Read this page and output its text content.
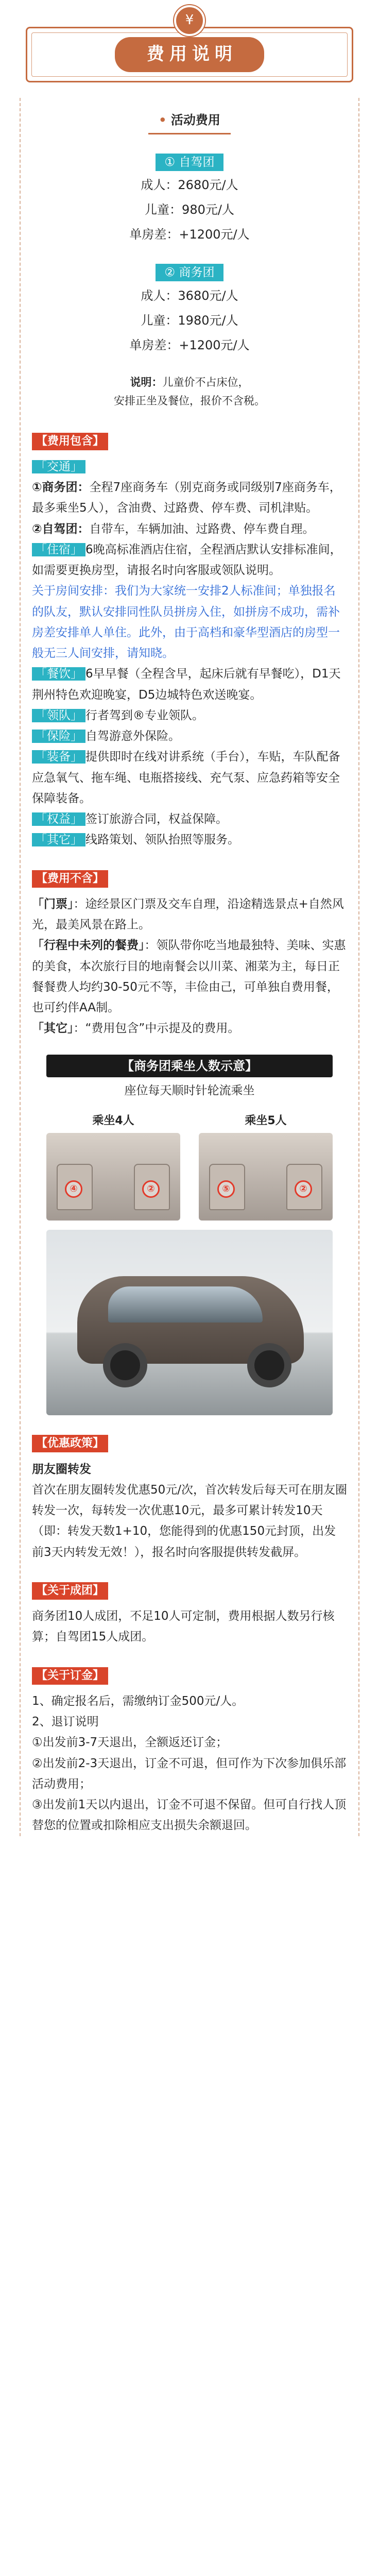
¥
费用说明
• 活动费用
① 自驾团
成人：2680元/人
儿童：980元/人
单房差：+1200元/人
② 商务团
成人：3680元/人
儿童：1980元/人
单房差：+1200元/人
说明：儿童价不占床位，
安排正坐及餐位，报价不含税。
【费用包含】

「交通」

①商务团：全程7座商务车（别克商务或同级别7座商务车，最多乘坐5人），含油费、过路费、停车费、司机津贴。

②自驾团：自带车，车辆加油、过路费、停车费自理。

「住宿」 6晚高标准酒店住宿，全程酒店默认安排标准间，如需要更换房型，请报名时向客服或领队说明。

关于房间安排：我们为大家统一安排2人标准间；单独报名的队友，默认安排同性队员拼房入住，如拼房不成功，需补房差安排单人单住。此外，由于高档和豪华型酒店的房型一般无三人间安排，请知晓。

「餐饮」 6早早餐（全程含早，起床后就有早餐吃），D1天荆州特色欢迎晚宴，D5边城特色欢送晚宴。

「领队」 行者驾到®专业领队。

「保险」 自驾游意外保险。

「装备」 提供即时在线对讲系统（手台），车贴，车队配备应急氧气、拖车绳、电瓶搭接线、充气泵、应急药箱等安全保障装备。

「权益」 签订旅游合同，权益保障。

「其它」 线路策划、领队抬照等服务。

【费用不含】

「门票」：途经景区门票及交车自理，沿途精选景点+自然风光，最美风景在路上。

「行程中未列的餐费」：领队带你吃当地最独特、美味、实惠的美食，本次旅行目的地南餐会以川菜、湘菜为主，每日正餐餐费人均约30-50元不等，丰俭由己，可单独自费用餐，也可约伴AA制。

「其它」：“费用包含”中示提及的费用。

【商务团乘坐人数示意】
座位每天顺时针轮流乘坐
乘坐4人
④	②
乘坐5人
⑤	②
【优惠政策】

朋友圈转发

首次在朋友圈转发优惠50元/次，首次转发后每天可在朋友圈转发一次，每转发一次优惠10元，最多可累计转发10天（即：转发天数1+10，您能得到的优惠150元封顶，出发前3天内转发无效！），报名时向客服提供转发截屏。

【关于成团】

商务团10人成团，不足10人可定制，费用根据人数另行核算；自驾团15人成团。

【关于订金】

1、确定报名后，需缴纳订金500元/人。

2、退订说明

①出发前3-7天退出，全额返还订金；

②出发前2-3天退出，订金不可退，但可作为下次参加俱乐部活动费用；

③出发前1天以内退出，订金不可退不保留。但可自行找人顶替您的位置或扣除相应支出损失余额退回。
